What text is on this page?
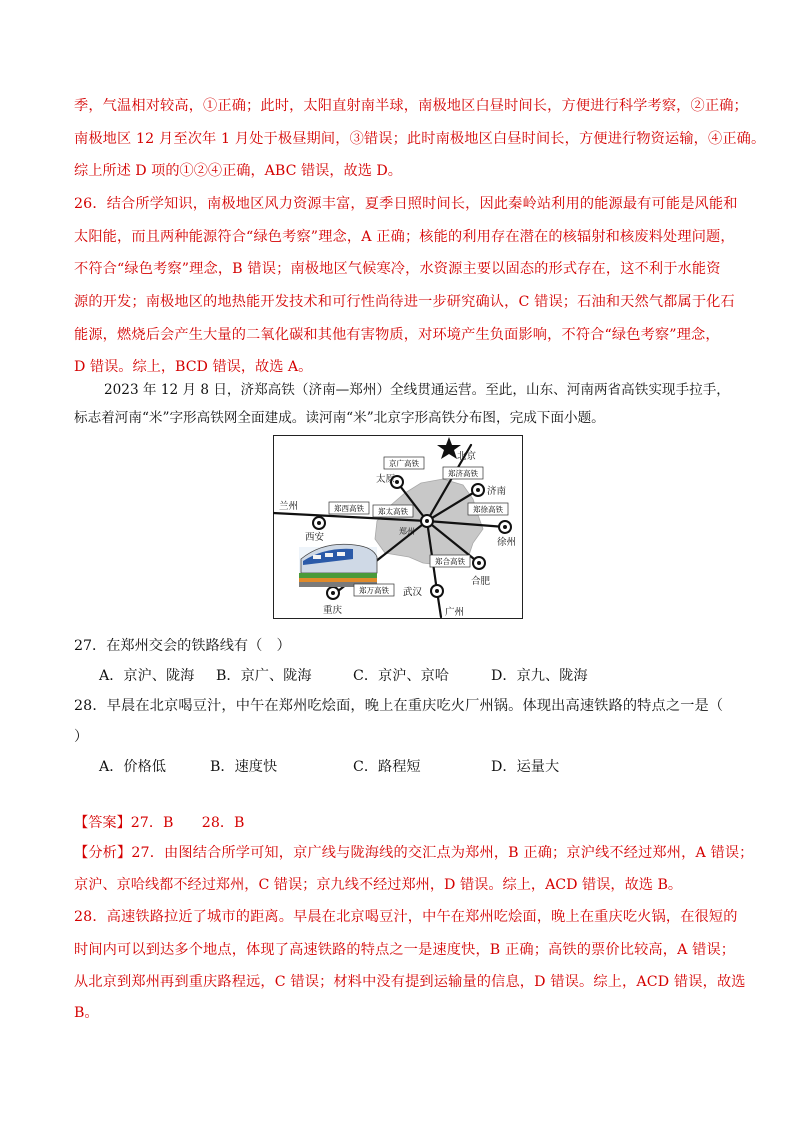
季，气温相对较高，①正确；此时，太阳直射南半球，南极地区白昼时间长，方便进行科学考察，②正确；
南极地区 12 月至次年 1 月处于极昼期间，③错误；此时南极地区白昼时间长，方便进行物资运输，④正确。
综上所述 D 项的①②④正确，ABC 错误，故选 D。
26．结合所学知识，南极地区风力资源丰富，夏季日照时间长，因此秦岭站利用的能源最有可能是风能和
太阳能，而且两种能源符合“绿色考察”理念，A 正确；核能的利用存在潜在的核辐射和核废料处理问题，
不符合“绿色考察”理念，B 错误；南极地区气候寒冷，水资源主要以固态的形式存在，这不利于水能资
源的开发；南极地区的地热能开发技术和可行性尚待进一步研究确认，C 错误；石油和天然气都属于化石
能源，燃烧后会产生大量的二氧化碳和其他有害物质，对环境产生负面影响，不符合“绿色考察”理念，
D 错误。综上，BCD 错误，故选 A。
2023 年 12 月 8 日，济郑高铁（济南—郑州）全线贯通运营。至此，山东、河南两省高铁实现手拉手，
标志着河南“米”字形高铁网全面建成。读河南“米”北京字形高铁分布图，完成下面小题。
京广高铁
郑济高铁
郑西高铁 郑太高铁	郑徐高铁
郑合高铁
郑万高铁
北京
太原
济南
兰州
西安
郑州
徐州
合肥
武汉
重庆	广州
27．在郑州交会的铁路线有（　）
A．京沪、陇海 B．京广、陇海	C．京沪、京哈	D．京九、陇海
28．早晨在北京喝豆汁，中午在郑州吃烩面，晚上在重庆吃火厂州锅。体现出高速铁路的特点之一是（
）
A．价格低	B．速度快	C．路程短	D．运量大
【答案】27．B　　28．B
【分析】27．由图结合所学可知，京广线与陇海线的交汇点为郑州，B 正确；京沪线不经过郑州，A 错误；
京沪、京哈线都不经过郑州，C 错误；京九线不经过郑州，D 错误。综上，ACD 错误，故选 B。
28．高速铁路拉近了城市的距离。早晨在北京喝豆汁，中午在郑州吃烩面，晚上在重庆吃火锅，在很短的
时间内可以到达多个地点，体现了高速铁路的特点之一是速度快，B 正确；高铁的票价比较高，A 错误；
从北京到郑州再到重庆路程远，C 错误；材料中没有提到运输量的信息，D 错误。综上，ACD 错误，故选
B。
